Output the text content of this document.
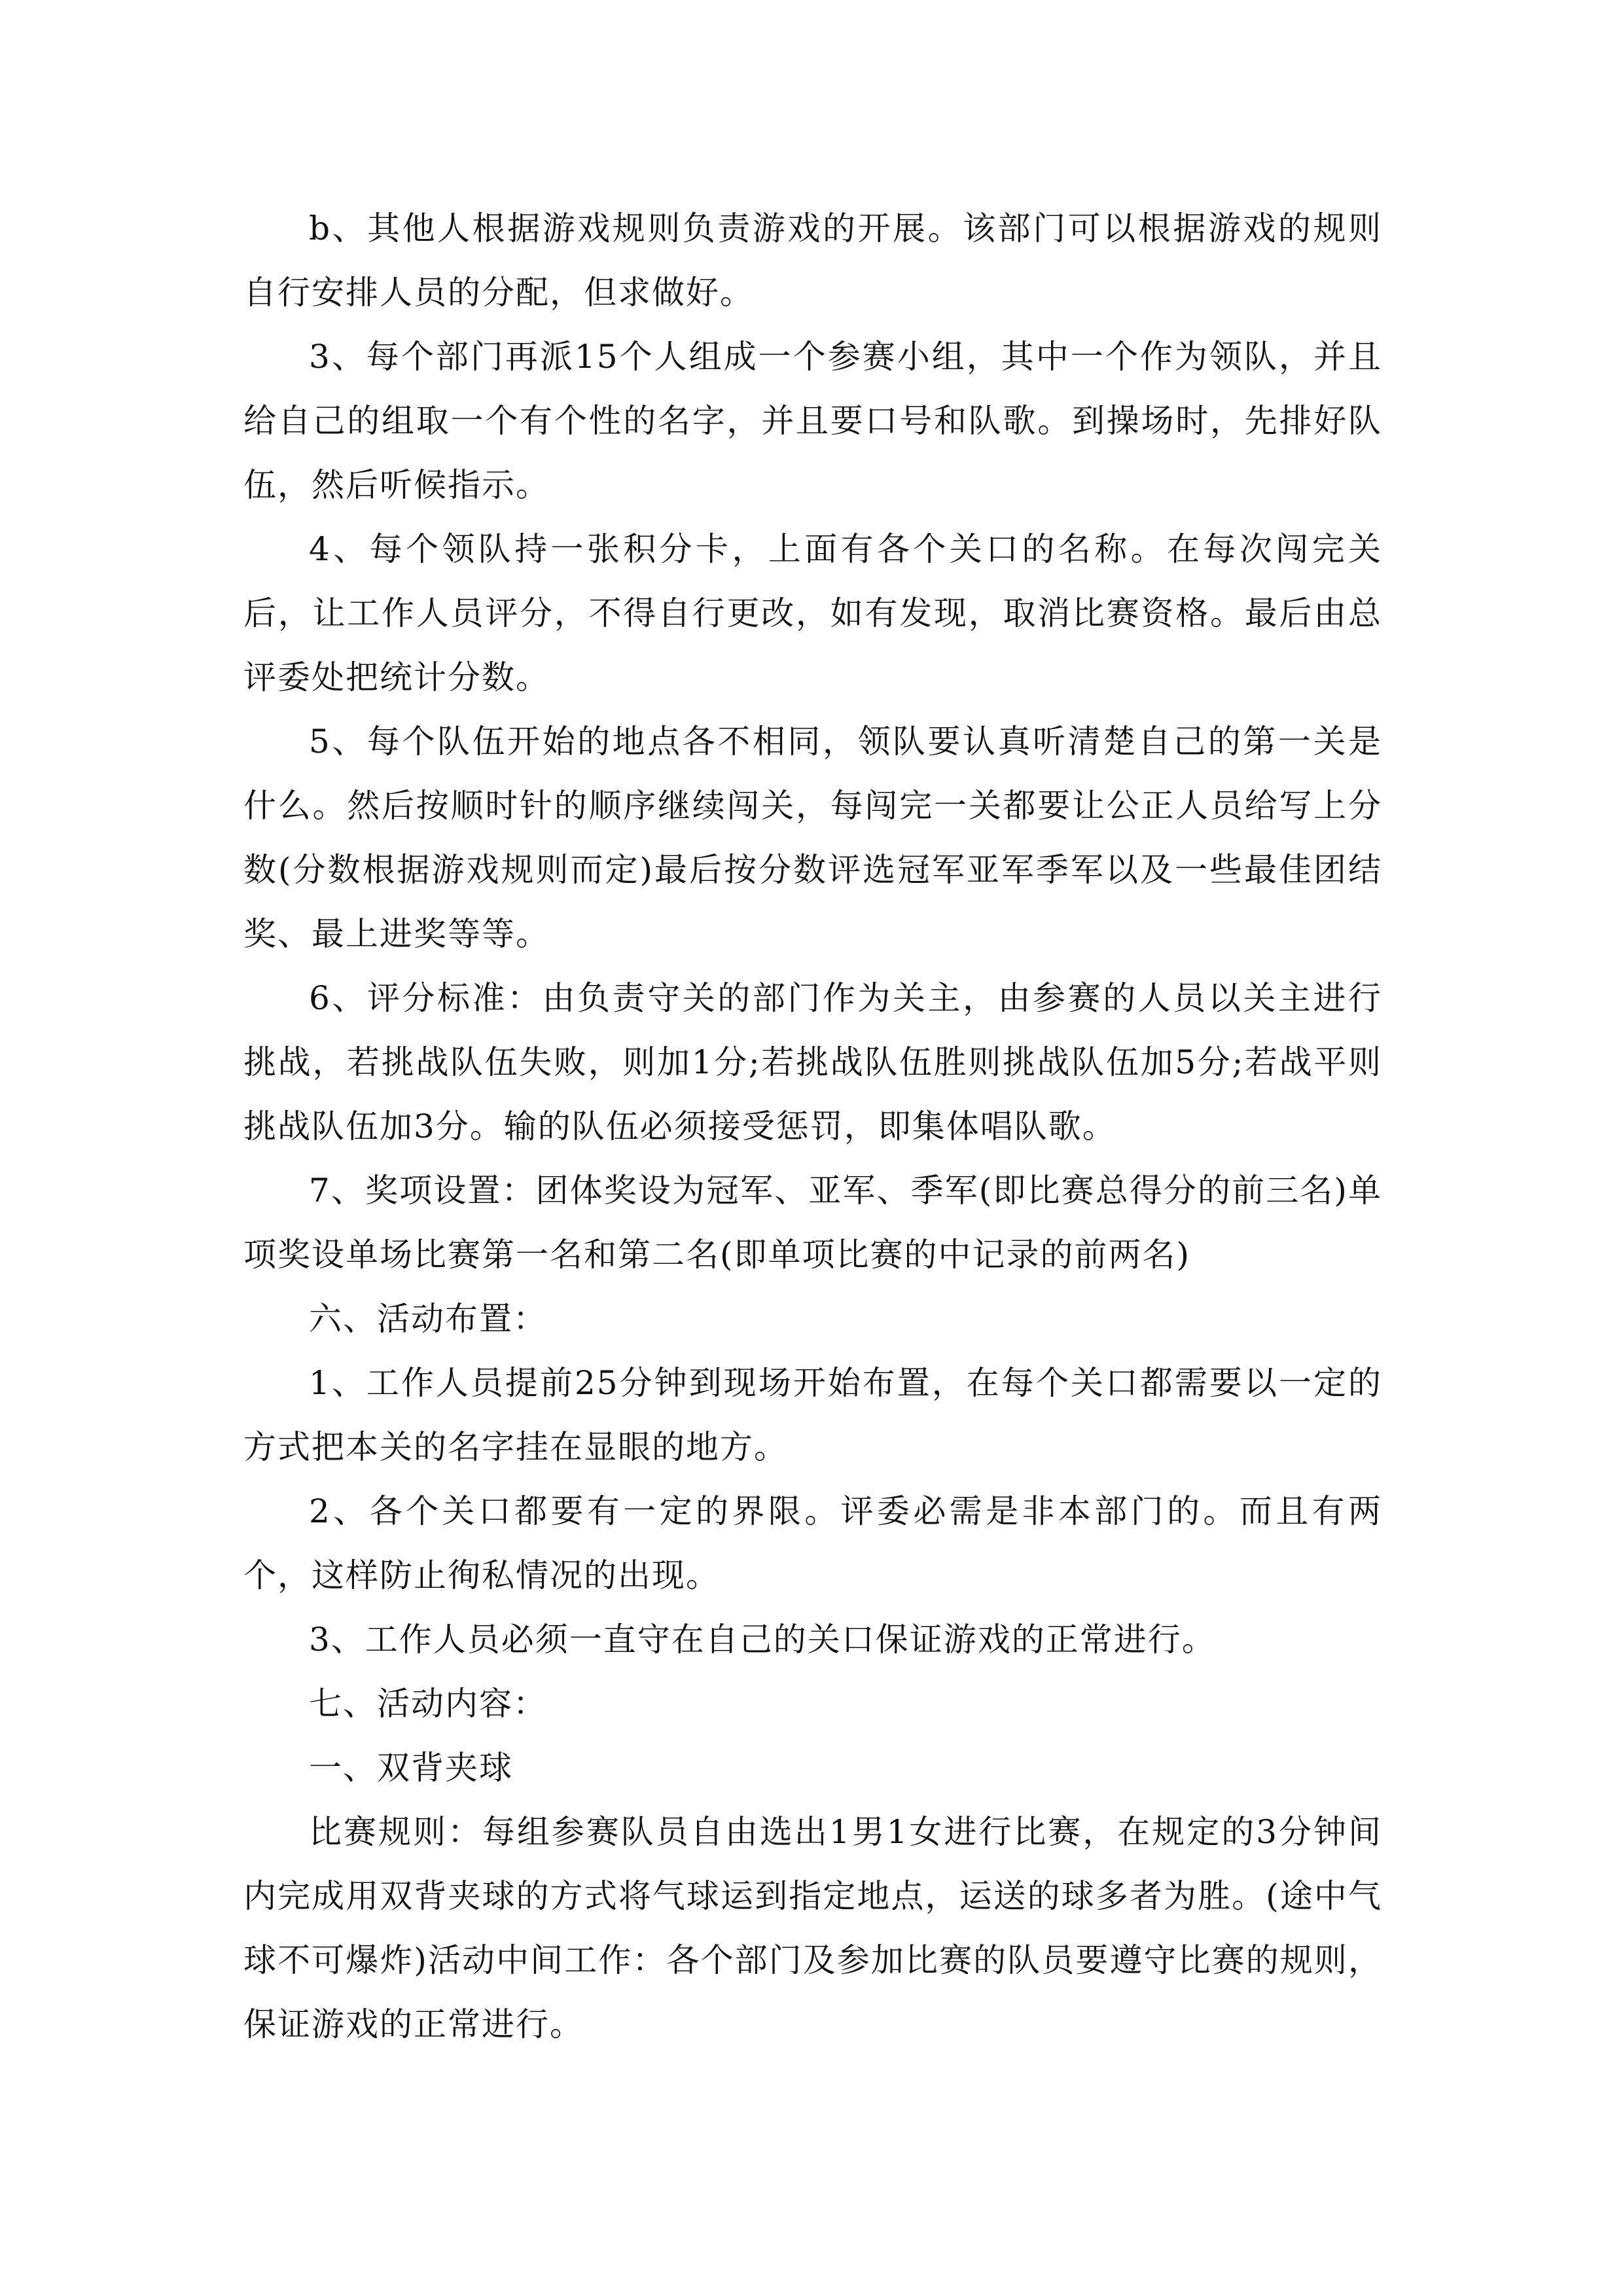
b、其他人根据游戏规则负责游戏的开展。该部门可以根据游戏的规则自行安排人员的分配，但求做好。

3、每个部门再派15个人组成一个参赛小组，其中一个作为领队，并且给自己的组取一个有个性的名字，并且要口号和队歌。到操场时，先排好队伍，然后听候指示。

4、每个领队持一张积分卡，上面有各个关口的名称。在每次闯完关后，让工作人员评分，不得自行更改，如有发现，取消比赛资格。最后由总评委处把统计分数。

5、每个队伍开始的地点各不相同，领队要认真听清楚自己的第一关是什么。然后按顺时针的顺序继续闯关，每闯完一关都要让公正人员给写上分数(分数根据游戏规则而定)最后按分数评选冠军亚军季军以及一些最佳团结奖、最上进奖等等。

6、评分标准：由负责守关的部门作为关主，由参赛的人员以关主进行挑战，若挑战队伍失败，则加1分;若挑战队伍胜则挑战队伍加5分;若战平则挑战队伍加3分。输的队伍必须接受惩罚，即集体唱队歌。

7、奖项设置：团体奖设为冠军、亚军、季军(即比赛总得分的前三名)单项奖设单场比赛第一名和第二名(即单项比赛的中记录的前两名)

六、活动布置：

1、工作人员提前25分钟到现场开始布置，在每个关口都需要以一定的方式把本关的名字挂在显眼的地方。

2、各个关口都要有一定的界限。评委必需是非本部门的。而且有两个，这样防止徇私情况的出现。

3、工作人员必须一直守在自己的关口保证游戏的正常进行。

七、活动内容：

一、双背夹球

比赛规则：每组参赛队员自由选出1男1女进行比赛，在规定的3分钟间内完成用双背夹球的方式将气球运到指定地点，运送的球多者为胜。(途中气球不可爆炸)活动中间工作：各个部门及参加比赛的队员要遵守比赛的规则，保证游戏的正常进行。
